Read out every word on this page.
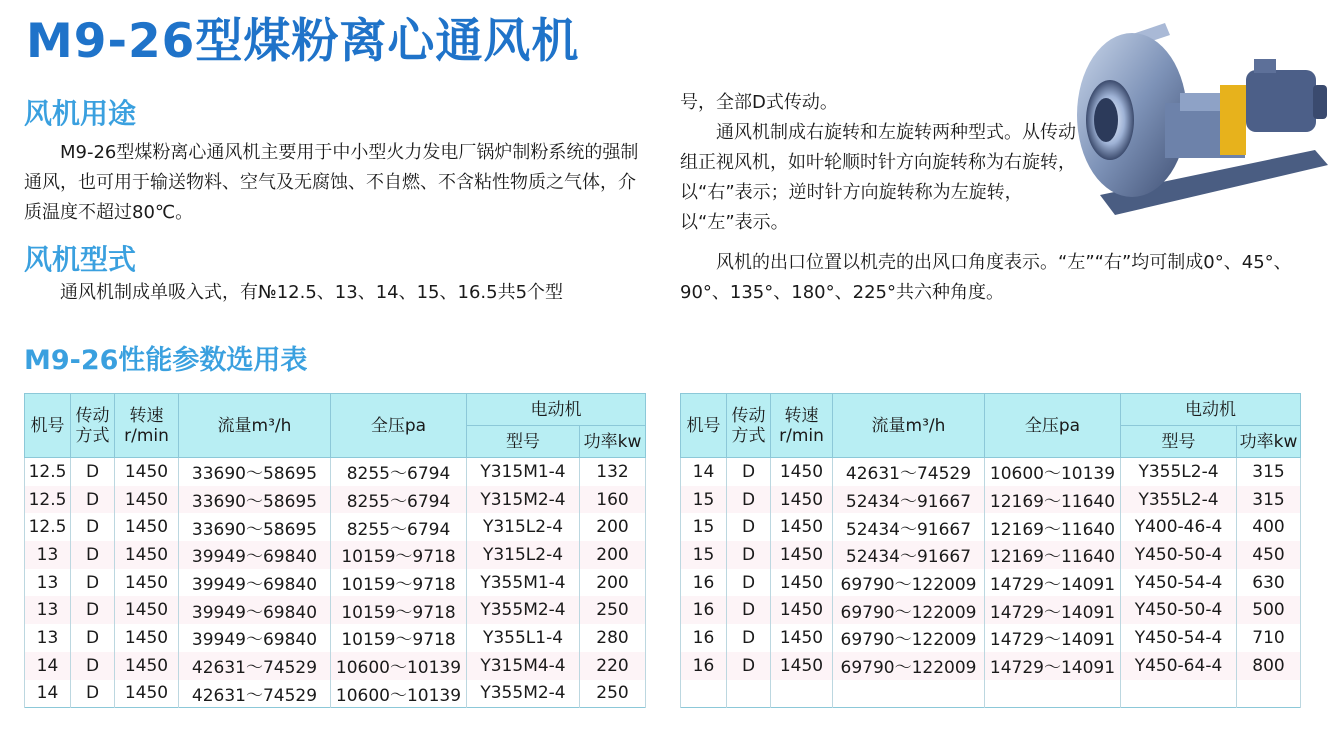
M9-26型煤粉离心通风机
风机用途

M9-26型煤粉离心通风机主要用于中小型火力发电厂锅炉制粉系统的强制通风，也可用于输送物料、空气及无腐蚀、不自燃、不含粘性物质之气体，介质温度不超过80℃。

风机型式

通风机制成单吸入式，有№12.5、13、14、15、16.5共5个型

号，全部D式传动。

通风机制成右旋转和左旋转两种型式。从传动组正视风机，如叶轮顺时针方向旋转称为右旋转，以“右”表示；逆时针方向旋转称为左旋转，以“左”表示。

风机的出口位置以机壳的出风口角度表示。“左”“右”均可制成0°、45°、90°、135°、180°、225°共六种角度。

M9-26性能参数选用表
机号	传动方式	转速r/min	流量m³/h	全压pa	电动机	
					型号	功率kw
12.5	D	1450	33690～58695	8255～6794	Y315M1-4	132
12.5	D	1450	33690～58695	8255～6794	Y315M2-4	160
12.5	D	1450	33690～58695	8255～6794	Y315L2-4	200
13	D	1450	39949～69840	10159～9718	Y315L2-4	200
13	D	1450	39949～69840	10159～9718	Y355M1-4	200
13	D	1450	39949～69840	10159～9718	Y355M2-4	250
13	D	1450	39949～69840	10159～9718	Y355L1-4	280
14	D	1450	42631～74529	10600～10139	Y315M4-4	220
14	D	1450	42631～74529	10600～10139	Y355M2-4	250
机号	传动方式	转速r/min	流量m³/h	全压pa	电动机	
					型号	功率kw
14	D	1450	42631～74529	10600～10139	Y355L2-4	315
15	D	1450	52434～91667	12169～11640	Y355L2-4	315
15	D	1450	52434～91667	12169～11640	Y400-46-4	400
15	D	1450	52434～91667	12169～11640	Y450-50-4	450
16	D	1450	69790～122009	14729～14091	Y450-54-4	630
16	D	1450	69790～122009	14729～14091	Y450-50-4	500
16	D	1450	69790～122009	14729～14091	Y450-54-4	710
16	D	1450	69790～122009	14729～14091	Y450-64-4	800
